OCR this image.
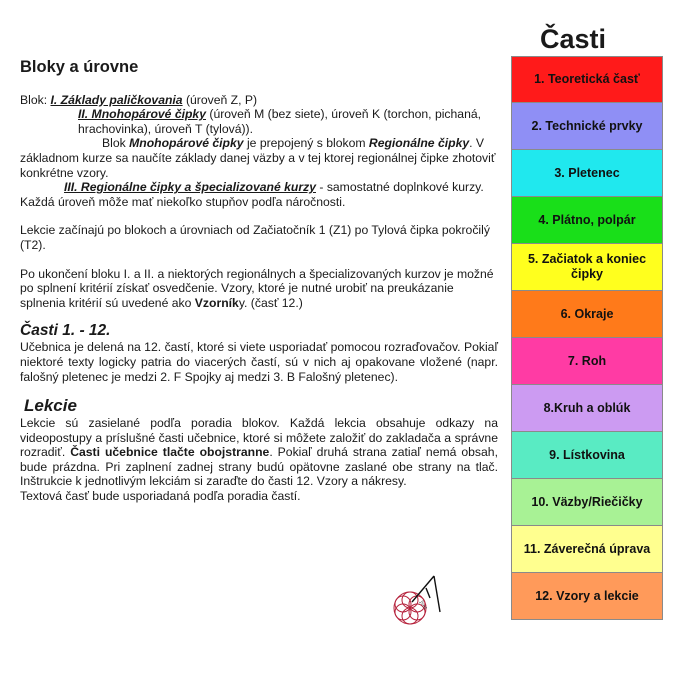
Bloky a úrovne

Blok: I. Základy paličkovania (úroveň Z, P)

II. Mnohopárové čipky (úroveň M (bez siete), úroveň K (torchon, pichaná, hrachovinka), úroveň T (tylová)).

Blok Mnohopárové čipky je prepojený s blokom Regionálne čipky. V základnom kurze sa naučíte základy danej väzby a v tej ktorej regionálnej čipke zhotoviť konkrétne vzory.

III. Regionálne čipky a špecializované kurzy - samostatné doplnkové kurzy.

Každá úroveň môže mať niekoľko stupňov podľa náročnosti.

Lekcie začínajú po blokoch a úrovniach od Začiatočník 1 (Z1) po Tylová čipka pokročilý (T2).

Po ukončení bloku I. a II. a niektorých regionálnych a špecializovaných kurzov je možné po splnení kritérií získať osvedčenie. Vzory, ktoré je nutné urobiť na preukázanie splnenia kritérií sú uvedené ako Vzorníky. (časť 12.)

Časti 1. - 12.

Učebnica je delená na 12. častí, ktoré si viete usporiadať pomocou rozraďovačov. Pokiaľ niektoré texty logicky patria do viacerých častí, sú v nich aj opakovane vložené (napr. falošný pletenec je medzi 2. F Spojky aj medzi 3. B Falošný pletenec).

Lekcie

Lekcie sú zasielané podľa poradia blokov. Každá lekcia obsahuje odkazy na videopostupy a príslušné časti učebnice, ktoré si môžete založiť do zakladača a správne rozradiť. Časti učebnice tlačte obojstranne. Pokiaľ druhá strana zatiaľ nemá obsah, bude prázdna. Pri zaplnení zadnej strany budú opätovne zaslané obe strany na tlač. Inštrukcie k jednotlivým lekciám si zaraďte do časti 12. Vzory a nákresy.

Textová časť bude usporiadaná podľa poradia častí.

Časti
1. Teoretická časť
2. Technické prvky
3. Pletenec
4. Plátno, polpár
5. Začiatok a koniec čipky
6. Okraje
7. Roh
8.Kruh a oblúk
9. Lístkovina
10. Väzby/Riečičky
11. Záverečná úprava
12. Vzory a lekcie
ʃvet
